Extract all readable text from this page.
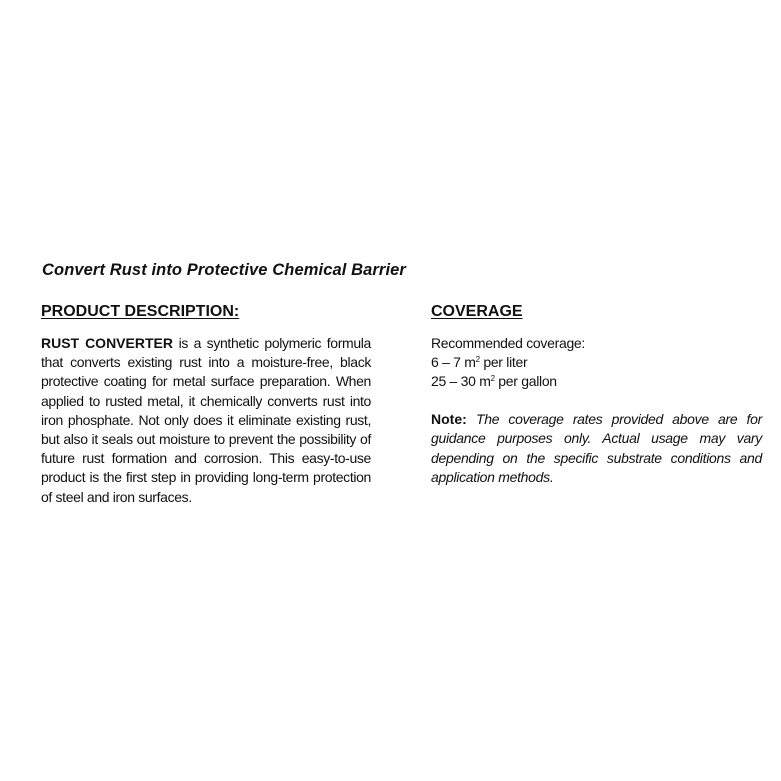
Convert Rust into Protective Chemical Barrier
PRODUCT DESCRIPTION:
RUST CONVERTER is a synthetic polymeric formula that converts existing rust into a moisture-free, black protective coating for metal surface preparation. When applied to rusted metal, it chemically converts rust into iron phosphate. Not only does it eliminate existing rust, but also it seals out moisture to prevent the possibility of future rust formation and corrosion. This easy-to-use product is the first step in providing long-term protection of steel and iron surfaces.
COVERAGE
Recommended coverage:
6 – 7 $m^2$ per liter
25 – 30 $m^2$ per gallon
Note: The coverage rates provided above are for guidance purposes only. Actual usage may vary depending on the specific substrate conditions and application methods.
